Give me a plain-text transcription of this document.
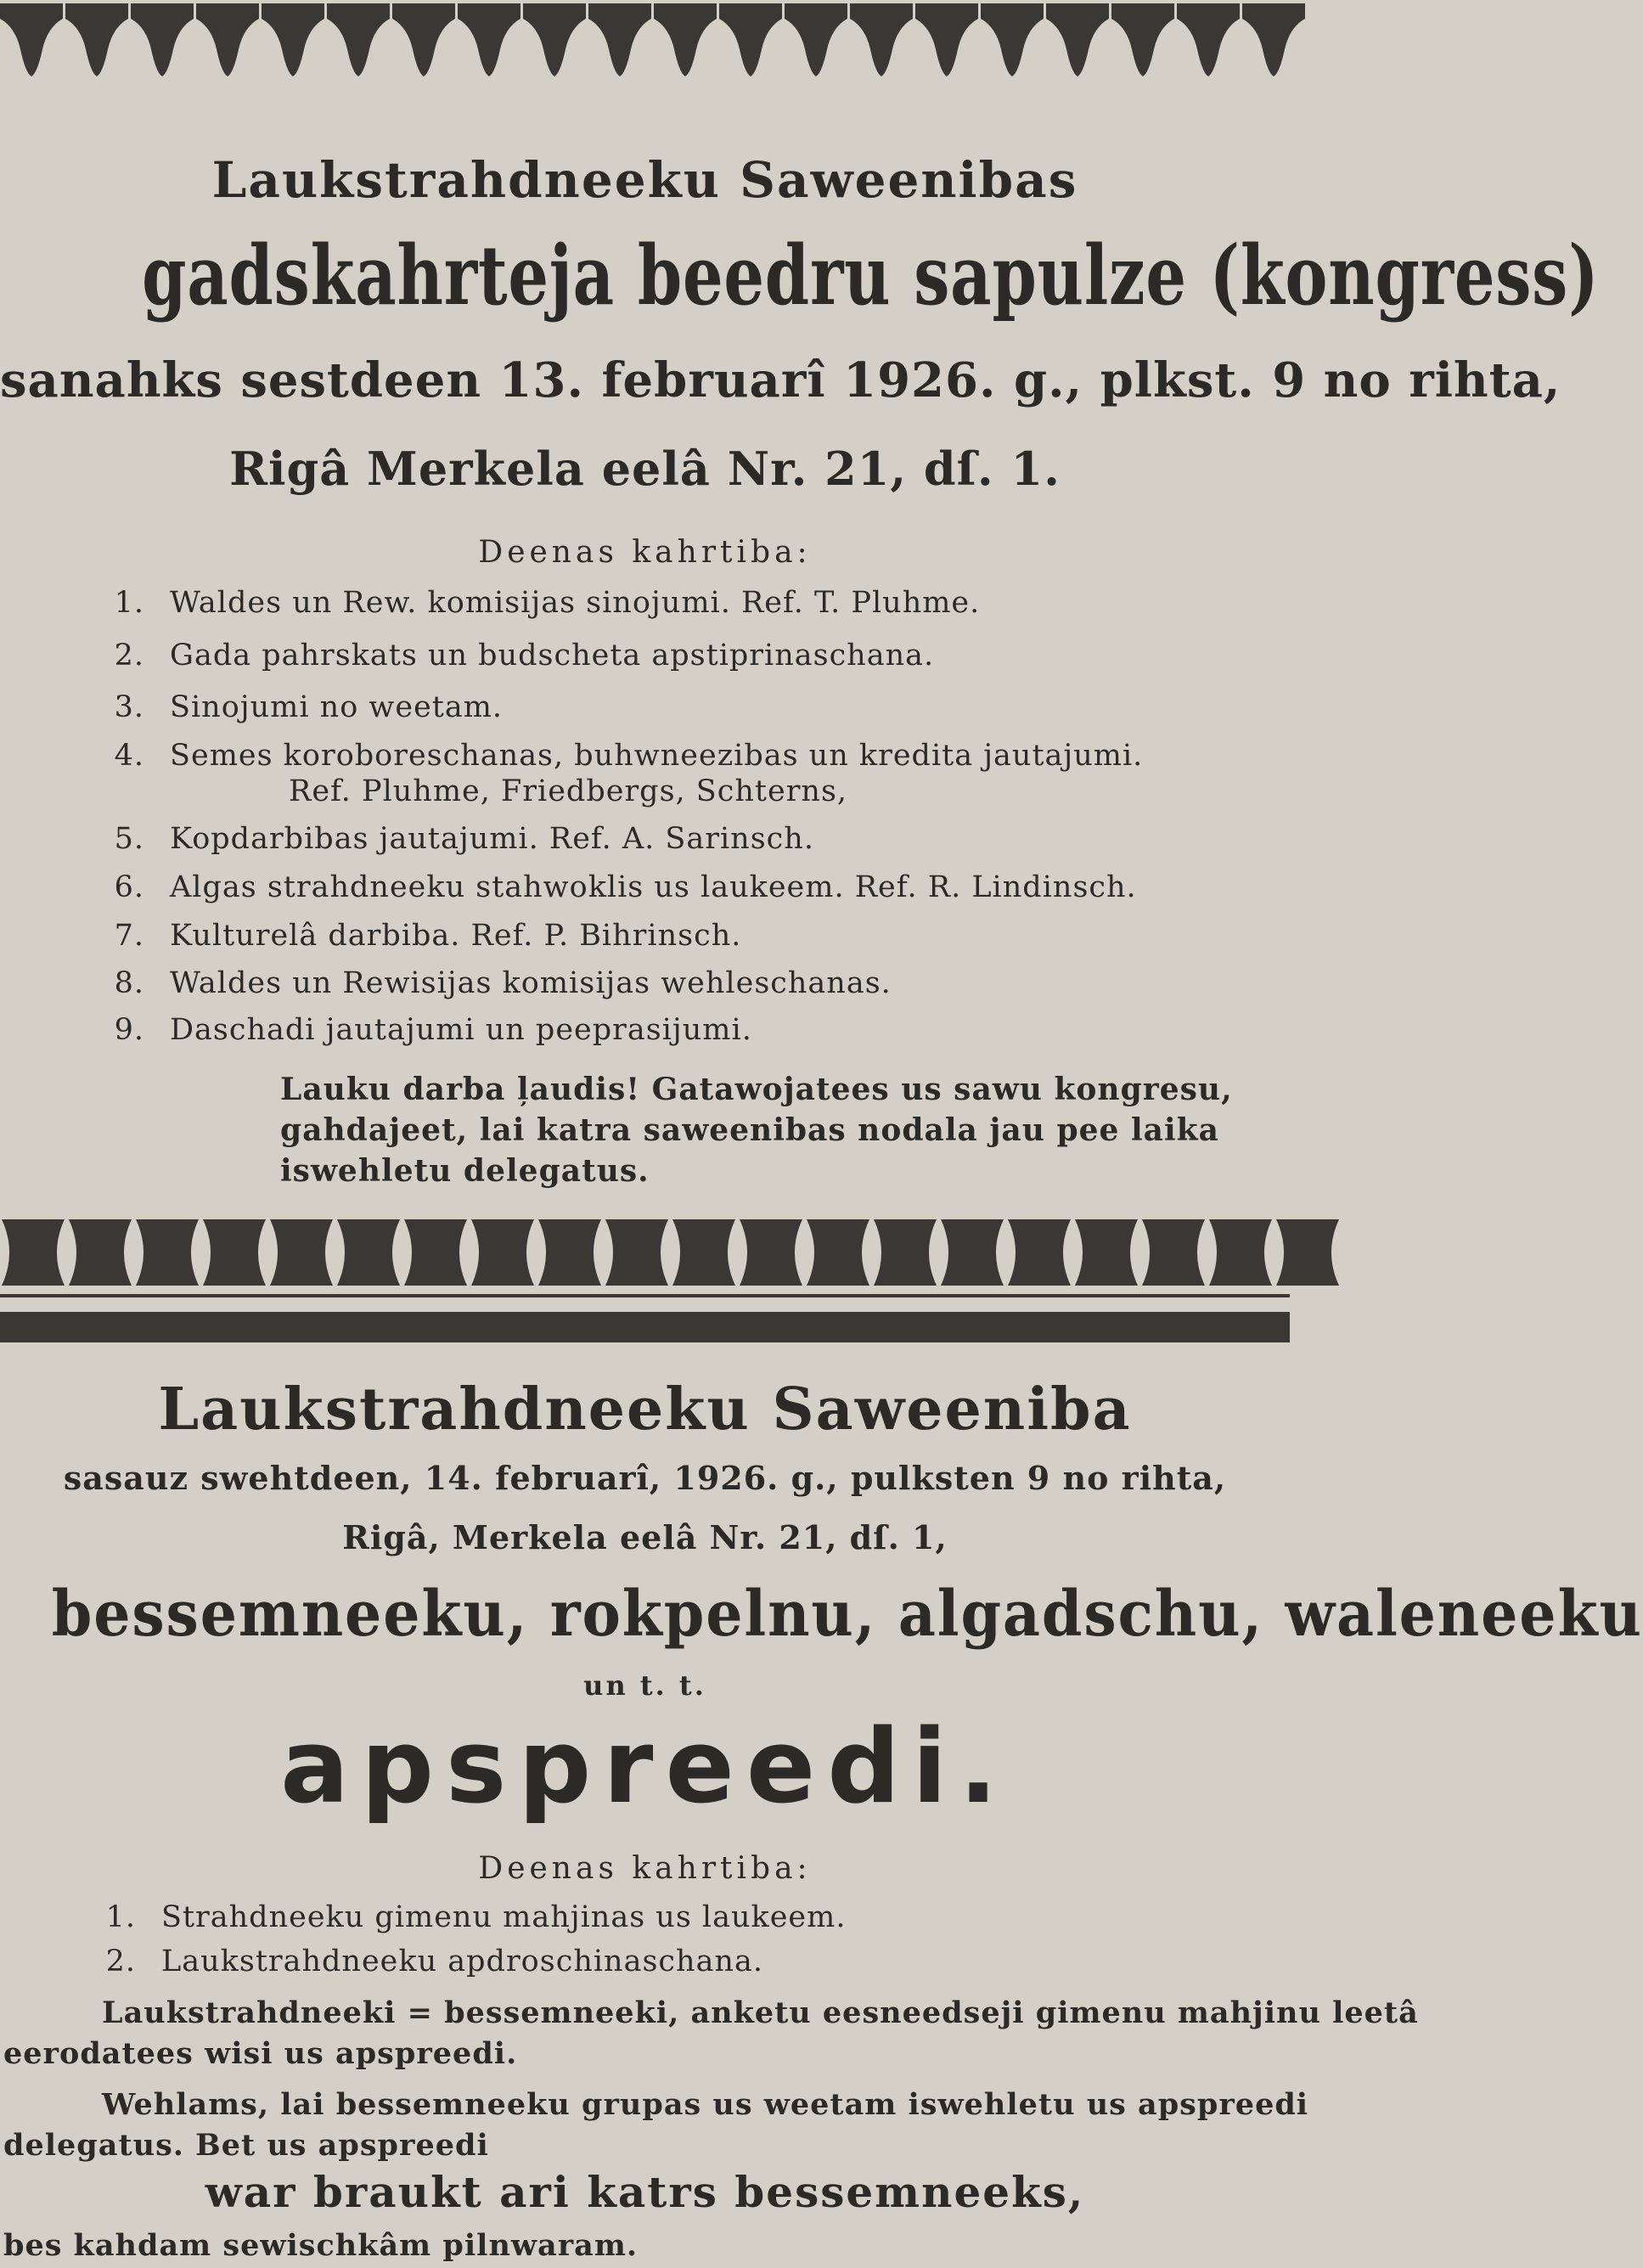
Laukstrahdneeku Saweenibas
gadskahrteja beedru sapulze (kongress)
sanahks sestdeen 13. februarî 1926. g., plkst. 9 no rihta,
Rigâ Merkela eelâ Nr. 21, dſ. 1.
Deenas kahrtiba:
1. Waldes un Rew. komisijas sinojumi. Ref. T. Pluhme.
2. Gada pahrskats un budscheta apstiprinaschana.
3. Sinojumi no weetam.
4. Semes koroboreschanas, buhwneezibas un kredita jautajumi.
Ref. Pluhme, Friedbergs, Schterns,
5. Kopdarbibas jautajumi. Ref. A. Sarinsch.
6. Algas strahdneeku stahwoklis us laukeem. Ref. R. Lindinsch.
7. Kulturelâ darbiba. Ref. P. Bihrinsch.
8. Waldes un Rewisijas komisijas wehleschanas.
9. Daschadi jautajumi un peeprasijumi.
Lauku darba ļaudis! Gatawojatees us sawu kongresu,
gahdajeet, lai katra saweenibas nodala jau pee laika
iswehletu delegatus.
Laukstrahdneeku Saweeniba
sasauz swehtdeen, 14. februarî, 1926. g., pulksten 9 no rihta,
Rigâ, Merkela eelâ Nr. 21, dſ. 1,
bessemneeku, rokpelnu, algadschu, waleneeku
un t. t.
apspreedi.
Deenas kahrtiba:
1. Strahdneeku gimenu mahjinas us laukeem.
2. Laukstrahdneeku apdroschinaschana.
Laukstrahdneeki = bessemneeki, anketu eesneedseji gimenu mahjinu leetâ
eerodatees wisi us apspreedi.
Wehlams, lai bessemneeku grupas us weetam iswehletu us apspreedi
delegatus. Bet us apspreedi
war braukt ari katrs bessemneeks,
bes kahdam sewischkâm pilnwaram.
